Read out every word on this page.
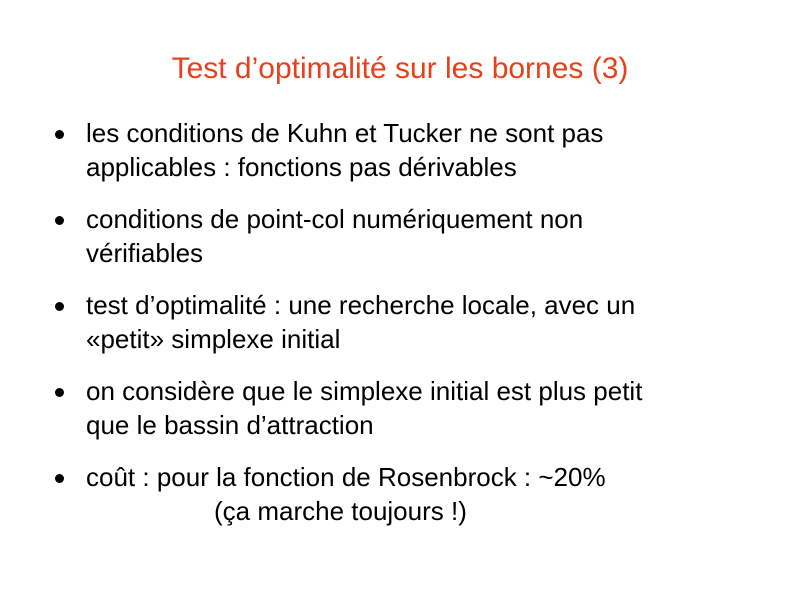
Test d’optimalité sur les bornes (3)
les conditions de Kuhn et Tucker ne sont pas
applicables : fonctions pas dérivables
conditions de point-col numériquement non
vérifiables
test d’optimalité : une recherche locale, avec un
«petit» simplexe initial
on considère que le simplexe initial est plus petit
que le bassin d’attraction
coût : pour la fonction de Rosenbrock : ~20%
(ça marche toujours !)
